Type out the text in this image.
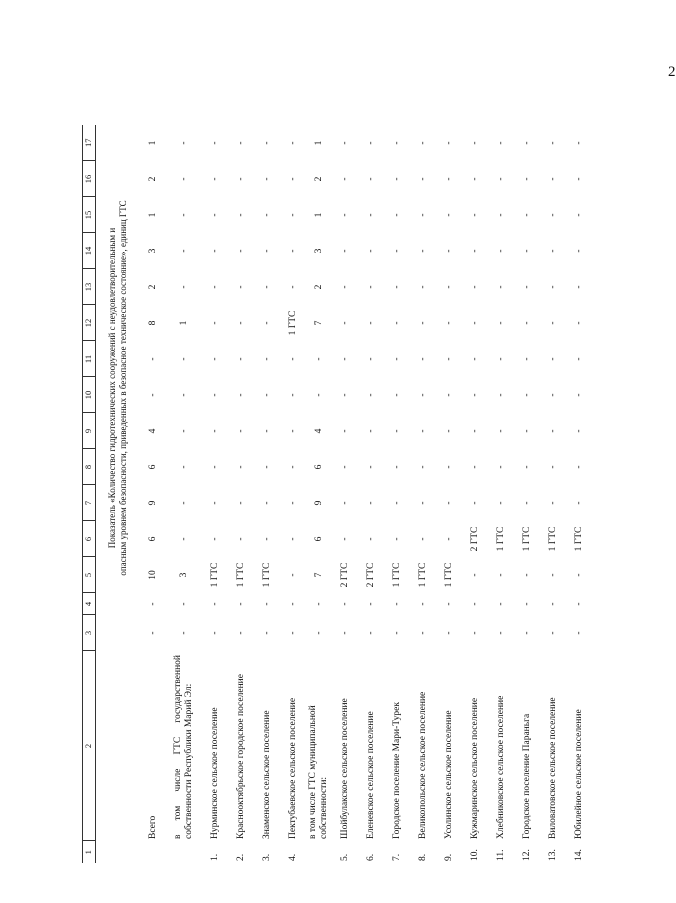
2
1	2	3	4	5	6	7	8	9	10	11	12	13	14	15	16	17

		Показатель «Количество гидротехнических сооружений с неудовлетворительным и опасным уровнем безопасности, приведенных в безопасное техническое состояние», единиц ГТС														

	Всего	-	-	10	6	9	6	4	-	-	8	2	3	1	2	1
	в том числе ГТС государственной собственности Республики Марий Эл:	-	-	3	-	-	-	-	-	-	1	-	-	-	-	-
1.	Нурминское сельское поселение	-	-	1 ГТС	-	-	-	-	-	-	-	-	-	-	-	-
2.	Красноoктябрьское городское поселение	-	-	1 ГТС	-	-	-	-	-	-	-	-	-	-	-	-
3.	Знаменское сельское поселение	-	-	1 ГТС	-	-	-	-	-	-	-	-	-	-	-	-
4.	Пектубаевское сельское поселение	-	-	-	-	-	-	-	-	-	1 ГТС	-	-	-	-	-
	в том числе ГТС муниципальной собственности:	-	-	7	6	9	6	4	-	-	7	2	3	1	2	1
5.	Шойбулакское сельское поселение	-	-	2 ГТС	-	-	-	-	-	-	-	-	-	-	-	-
6.	Еленевское сельское поселение	-	-	2 ГТС	-	-	-	-	-	-	-	-	-	-	-	-
7.	Городское поселение Мари-Турек	-	-	1 ГТС	-	-	-	-	-	-	-	-	-	-	-	-
8.	Великопольское сельское поселение	-	-	1 ГТС	-	-	-	-	-	-	-	-	-	-	-	-
9.	Усолинское сельское поселение	-	-	1 ГТС	-	-	-	-	-	-	-	-	-	-	-	-
10.	Кужмаринское сельское поселение	-	-	-	2 ГТС	-	-	-	-	-	-	-	-	-	-	-
11.	Хлебниковское сельское поселение	-	-	-	1 ГТС	-	-	-	-	-	-	-	-	-	-	-
12.	Городское поселение Параньга	-	-	-	1 ГТС	-	-	-	-	-	-	-	-	-	-	-
13.	Виловатовское сельское поселение	-	-	-	1 ГТС	-	-	-	-	-	-	-	-	-	-	-
14.	Юбилейное сельское поселение	-	-	-	1 ГТС	-	-	-	-	-	-	-	-	-	-	-
